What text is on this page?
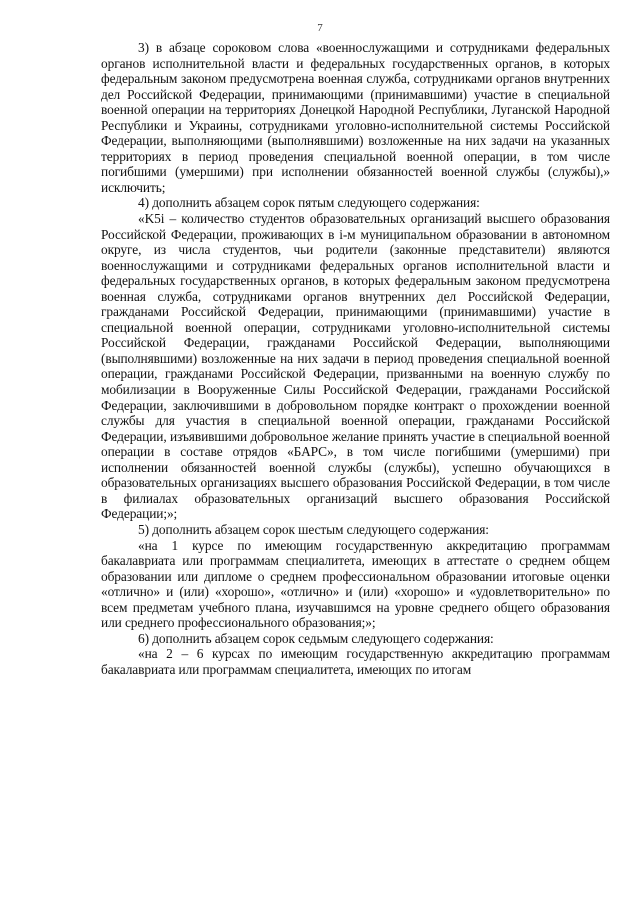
7

3) в абзаце сороковом слова «военнослужащими и сотрудниками федеральных органов исполнительной власти и федеральных государственных органов, в которых федеральным законом предусмотрена военная служба, сотрудниками органов внутренних дел Российской Федерации, принимающими (принимавшими) участие в специальной военной операции на территориях Донецкой Народной Республики, Луганской Народной Республики и Украины, сотрудниками уголовно-исполнительной системы Российской Федерации, выполняющими (выполнявшими) возложенные на них задачи на указанных территориях в период проведения специальной военной операции, в том числе погибшими (умершими) при исполнении обязанностей военной службы (службы),» исключить;

4) дополнить абзацем сорок пятым следующего содержания:

«K5i – количество студентов образовательных организаций высшего образования Российской Федерации, проживающих в i-м муниципальном образовании в автономном округе, из числа студентов, чьи родители (законные представители) являются военнослужащими и сотрудниками федеральных органов исполнительной власти и федеральных государственных органов, в которых федеральным законом предусмотрена военная служба, сотрудниками органов внутренних дел Российской Федерации, гражданами Российской Федерации, принимающими (принимавшими) участие в специальной военной операции, сотрудниками уголовно-исполнительной системы Российской Федерации, гражданами Российской Федерации, выполняющими (выполнявшими) возложенные на них задачи в период проведения специальной военной операции, гражданами Российской Федерации, призванными на военную службу по мобилизации в Вооруженные Силы Российской Федерации, гражданами Российской Федерации, заключившими в добровольном порядке контракт о прохождении военной службы для участия в специальной военной операции, гражданами Российской Федерации, изъявившими добровольное желание принять участие в специальной военной операции в составе отрядов «БАРС», в том числе погибшими (умершими) при исполнении обязанностей военной службы (службы), успешно обучающихся в образовательных организациях высшего образования Российской Федерации, в том числе в филиалах образовательных организаций высшего образования Российской Федерации;»;

5) дополнить абзацем сорок шестым следующего содержания:

«на 1 курсе по имеющим государственную аккредитацию программам бакалавриата или программам специалитета, имеющих в аттестате о среднем общем образовании или дипломе о среднем профессиональном образовании итоговые оценки «отлично» и (или) «хорошо», «отлично» и (или) «хорошо» и «удовлетворительно» по всем предметам учебного плана, изучавшимся на уровне среднего общего образования или среднего профессионального образования;»;

6) дополнить абзацем сорок седьмым следующего содержания:

«на 2 – 6 курсах по имеющим государственную аккредитацию программам бакалавриата или программам специалитета, имеющих по итогам
